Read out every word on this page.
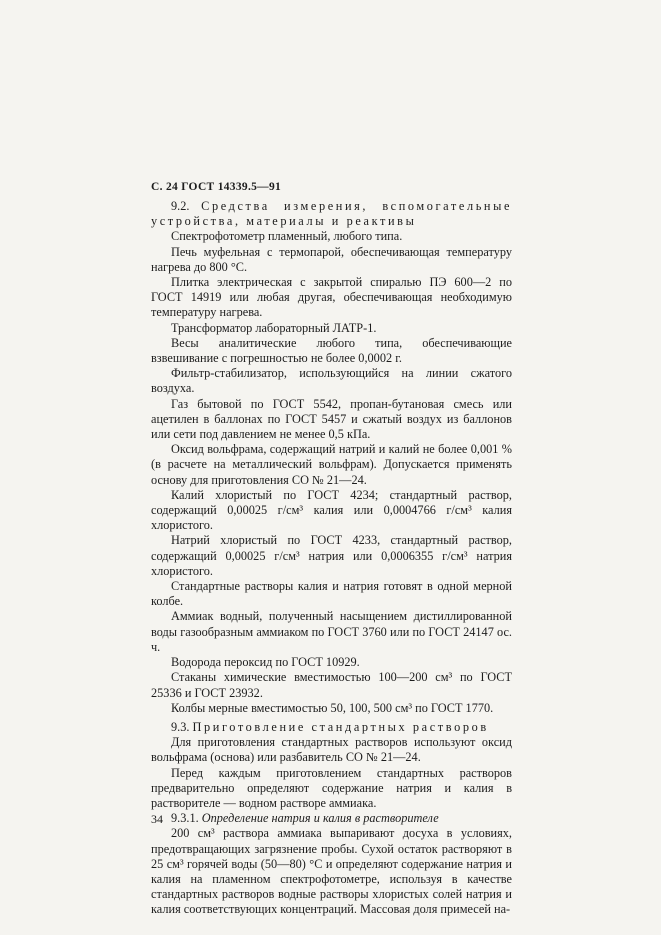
С. 24 ГОСТ 14339.5—91

9.2. Средства измерения, вспомогательные устройства, материалы и реактивы

Спектрофотометр пламенный, любого типа.

Печь муфельная с термопарой, обеспечивающая температуру нагрева до 800 °С.

Плитка электрическая с закрытой спиралью ПЭ 600—2 по ГОСТ 14919 или любая другая, обеспечивающая необходимую температуру нагрева.

Трансформатор лабораторный ЛАТР-1.

Весы аналитические любого типа, обеспечивающие взвешивание с погрешностью не более 0,0002 г.

Фильтр-стабилизатор, использующийся на линии сжатого воздуха.

Газ бытовой по ГОСТ 5542, пропан-бутановая смесь или ацетилен в баллонах по ГОСТ 5457 и сжатый воздух из баллонов или сети под давлением не менее 0,5 кПа.

Оксид вольфрама, содержащий натрий и калий не более 0,001 % (в расчете на металлический вольфрам). Допускается применять основу для приготовления СО № 21—24.

Калий хлористый по ГОСТ 4234; стандартный раствор, содержащий 0,00025 г/см³ калия или 0,0004766 г/см³ калия хлористого.

Натрий хлористый по ГОСТ 4233, стандартный раствор, содержащий 0,00025 г/см³ натрия или 0,0006355 г/см³ натрия хлористого.

Стандартные растворы калия и натрия готовят в одной мерной колбе.

Аммиак водный, полученный насыщением дистиллированной воды газообразным аммиаком по ГОСТ 3760 или по ГОСТ 24147 ос. ч.

Водорода пероксид по ГОСТ 10929.

Стаканы химические вместимостью 100—200 см³ по ГОСТ 25336 и ГОСТ 23932.

Колбы мерные вместимостью 50, 100, 500 см³ по ГОСТ 1770.

9.3. Приготовление стандартных растворов

Для приготовления стандартных растворов используют оксид вольфрама (основа) или разбавитель СО № 21—24.

Перед каждым приготовлением стандартных растворов предварительно определяют содержание натрия и калия в растворителе — водном растворе аммиака.

9.3.1. Определение натрия и калия в растворителе

200 см³ раствора аммиака выпаривают досуха в условиях, предотвращающих загрязнение пробы. Сухой остаток растворяют в 25 см³ горячей воды (50—80) °С и определяют содержание натрия и калия на пламенном спектрофотометре, используя в качестве стандартных растворов водные растворы хлористых солей натрия и калия соответствующих концентраций. Массовая доля примесей на-

34
